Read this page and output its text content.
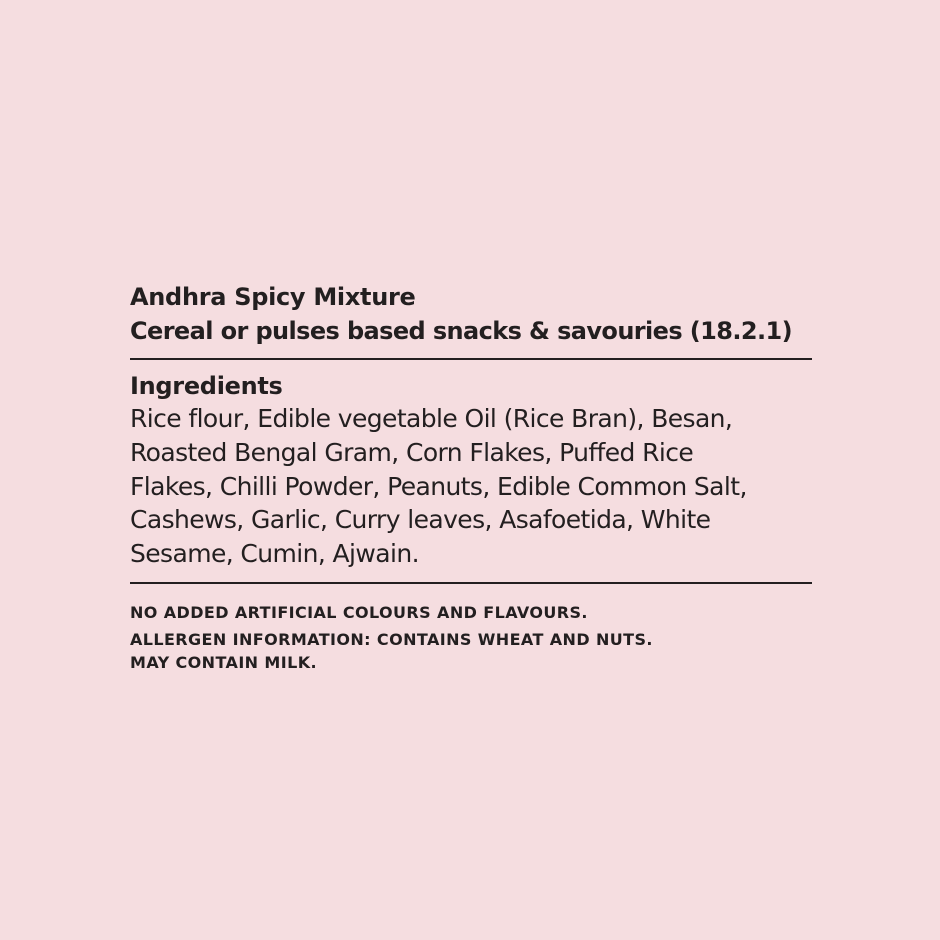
Andhra Spicy Mixture

Cereal or pulses based snacks & savouries (18.2.1)

Ingredients

Rice flour, Edible vegetable Oil (Rice Bran), Besan,
Roasted Bengal Gram, Corn Flakes, Puffed Rice
Flakes, Chilli Powder, Peanuts, Edible Common Salt,
Cashews, Garlic, Curry leaves, Asafoetida, White
Sesame, Cumin, Ajwain.
NO ADDED ARTIFICIAL COLOURS AND FLAVOURS.
ALLERGEN INFORMATION: CONTAINS WHEAT AND NUTS.
MAY CONTAIN MILK.
